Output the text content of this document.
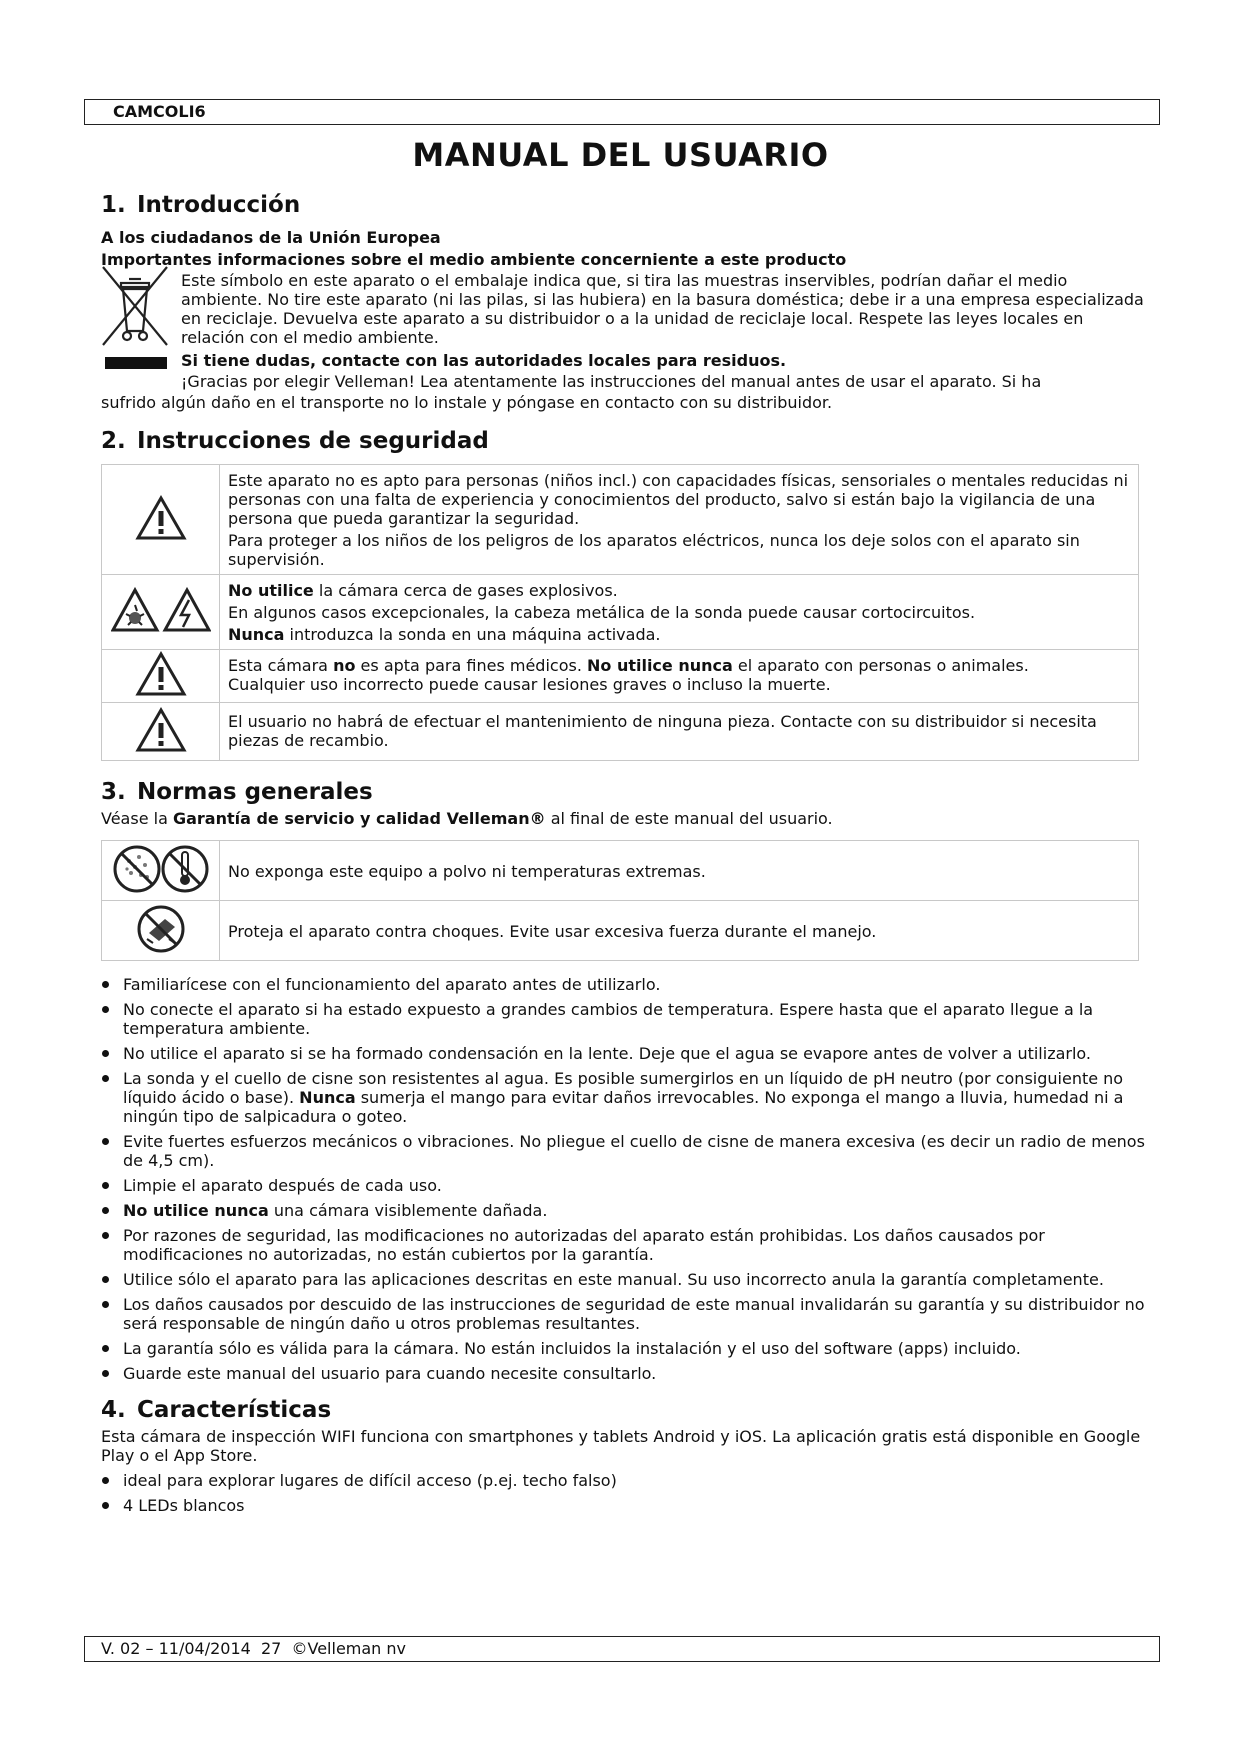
CAMCOLI6
MANUAL DEL USUARIO
1. Introducción

A los ciudadanos de la Unión Europea

Importantes informaciones sobre el medio ambiente concerniente a este producto

Este símbolo en este aparato o el embalaje indica que, si tira las muestras inservibles, podrían dañar el medio ambiente. No tire este aparato (ni las pilas, si las hubiera) en la basura doméstica; debe ir a una empresa especializada en reciclaje. Devuelva este aparato a su distribuidor o a la unidad de reciclaje local. Respete las leyes locales en relación con el medio ambiente.

Si tiene dudas, contacte con las autoridades locales para residuos.

¡Gracias por elegir Velleman! Lea atentamente las instrucciones del manual antes de usar el aparato. Si ha

sufrido algún daño en el transporte no lo instale y póngase en contacto con su distribuidor.

2. Instrucciones de seguridad

Este aparato no es apto para personas (niños incl.) con capacidades físicas, sensoriales o mentales reducidas ni personas con una falta de experiencia y conocimientos del producto, salvo si están bajo la vigilancia de una persona que pueda garantizar la seguridad.

Para proteger a los niños de los peligros de los aparatos eléctricos, nunca los deje solos con el aparato sin supervisión.

No utilice la cámara cerca de gases explosivos.

En algunos casos excepcionales, la cabeza metálica de la sonda puede causar cortocircuitos.

Nunca introduzca la sonda en una máquina activada.

Esta cámara no es apta para fines médicos. No utilice nunca el aparato con personas o animales.

Cualquier uso incorrecto puede causar lesiones graves o incluso la muerte.

El usuario no habrá de efectuar el mantenimiento de ninguna pieza. Contacte con su distribuidor si necesita piezas de recambio.

3. Normas generales

Véase la Garantía de servicio y calidad Velleman® al final de este manual del usuario.

No exponga este equipo a polvo ni temperaturas extremas.

Proteja el aparato contra choques. Evite usar excesiva fuerza durante el manejo.

Familiarícese con el funcionamiento del aparato antes de utilizarlo.
No conecte el aparato si ha estado expuesto a grandes cambios de temperatura. Espere hasta que el aparato llegue a la temperatura ambiente.
No utilice el aparato si se ha formado condensación en la lente. Deje que el agua se evapore antes de volver a utilizarlo.
La sonda y el cuello de cisne son resistentes al agua. Es posible sumergirlos en un líquido de pH neutro (por consiguiente no líquido ácido o base). Nunca sumerja el mango para evitar daños irrevocables. No exponga el mango a lluvia, humedad ni a ningún tipo de salpicadura o goteo.
Evite fuertes esfuerzos mecánicos o vibraciones. No pliegue el cuello de cisne de manera excesiva (es decir un radio de menos de 4,5 cm).
Limpie el aparato después de cada uso.
No utilice nunca una cámara visiblemente dañada.
Por razones de seguridad, las modificaciones no autorizadas del aparato están prohibidas. Los daños causados por modificaciones no autorizadas, no están cubiertos por la garantía.
Utilice sólo el aparato para las aplicaciones descritas en este manual. Su uso incorrecto anula la garantía completamente.
Los daños causados por descuido de las instrucciones de seguridad de este manual invalidarán su garantía y su distribuidor no será responsable de ningún daño u otros problemas resultantes.
La garantía sólo es válida para la cámara. No están incluidos la instalación y el uso del software (apps) incluido.
Guarde este manual del usuario para cuando necesite consultarlo.
4. Características

Esta cámara de inspección WIFI funciona con smartphones y tablets Android y iOS. La aplicación gratis está disponible en Google Play o el App Store.

ideal para explorar lugares de difícil acceso (p.ej. techo falso)
4 LEDs blancos
V. 02 – 11/04/2014  27  ©Velleman nv
